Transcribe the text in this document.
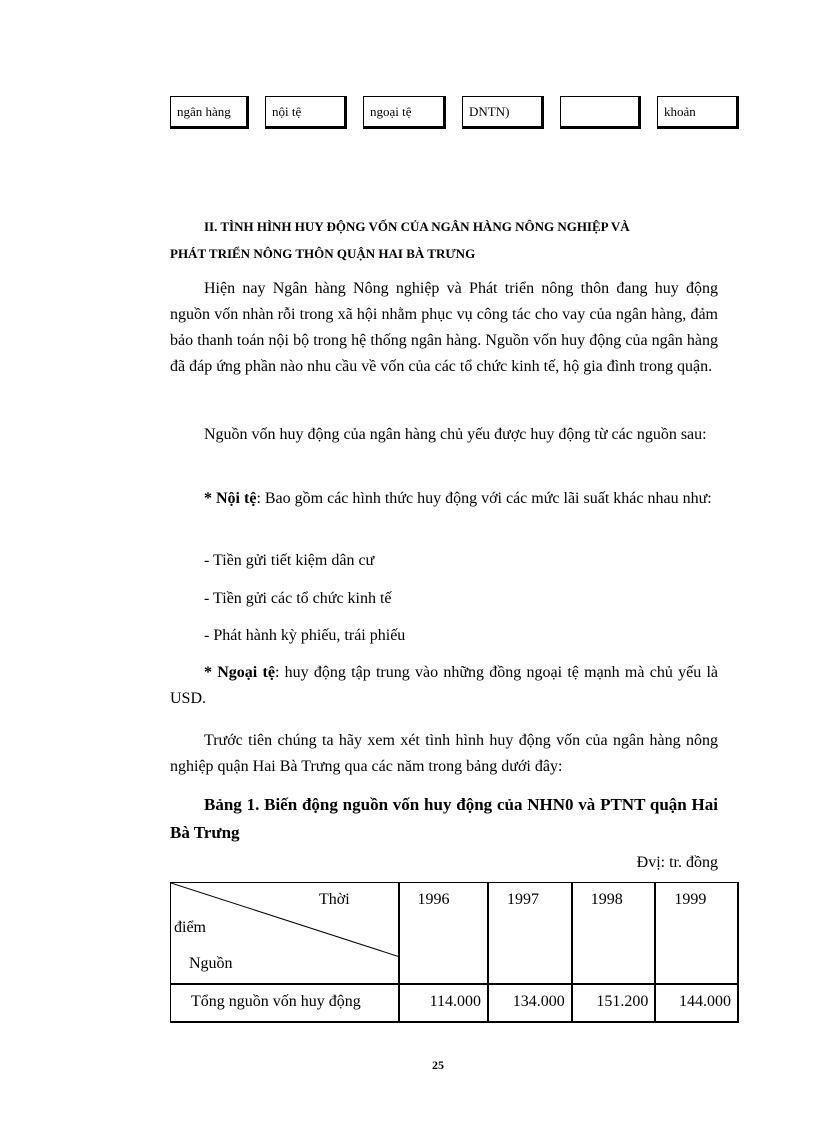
ngân hàng	nội tệ	ngoại tệ	DNTN)	khoản
II. TÌNH HÌNH HUY ĐỘNG VỐN CỦA NGÂN HÀNG NÔNG NGHIỆP VÀ
PHÁT TRIỂN NÔNG THÔN QUẬN HAI BÀ TRƯNG

Hiện nay Ngân hàng Nông nghiệp và Phát triển nông thôn đang huy động nguồn vốn nhàn rỗi trong xã hội nhằm phục vụ công tác cho vay của ngân hàng, đảm bảo thanh toán nội bộ trong hệ thống ngân hàng. Nguồn vốn huy động của ngân hàng đã đáp ứng phần nào nhu cầu về vốn của các tổ chức kinh tế, hộ gia đình trong quận.

Nguồn vốn huy động của ngân hàng chủ yếu được huy động từ các nguồn sau:

* Nội tệ: Bao gồm các hình thức huy động với các mức lãi suất khác nhau như:

- Tiền gửi tiết kiệm dân cư
- Tiền gửi các tổ chức kinh tế
- Phát hành kỳ phiếu, trái phiếu

* Ngoại tệ: huy động tập trung vào những đồng ngoại tệ mạnh mà chủ yếu là USD.

Trước tiên chúng ta hãy xem xét tình hình huy động vốn của ngân hàng nông nghiệp quận Hai Bà Trưng qua các năm trong bảng dưới đây:

Bảng 1. Biến động nguồn vốn huy động của NHN0 và PTNT quận Hai Bà Trưng
Đvị: tr. đồng
Thời
điểm
Nguồn	1996	1997	1998	1999
Tổng nguồn vốn huy động	114.000	134.000	151.200	144.000
25
